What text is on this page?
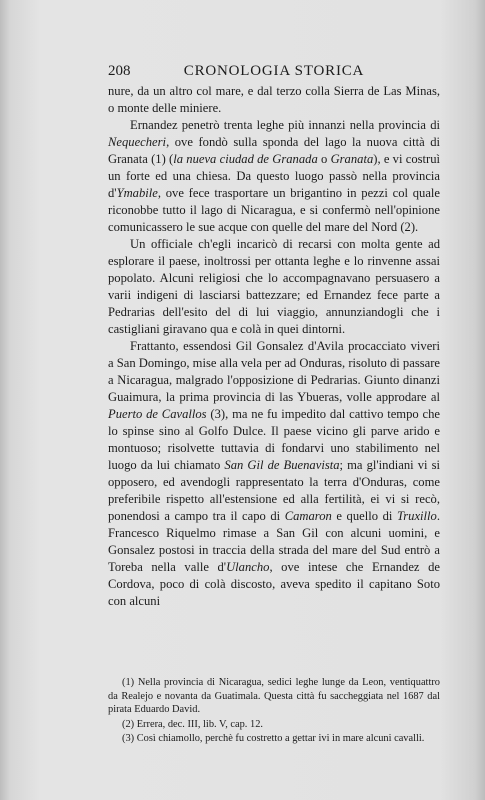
208	CRONOLOGIA STORICA

nure, da un altro col mare, e dal terzo colla Sierra de Las Minas, o monte delle miniere.

Ernandez penetrò trenta leghe più innanzi nella provincia di Nequecheri, ove fondò sulla sponda del lago la nuova città di Granata (1) (la nueva ciudad de Granada o Granata), e vi costruì un forte ed una chiesa. Da questo luogo passò nella provincia d'Ymabile, ove fece trasportare un brigantino in pezzi col quale riconobbe tutto il lago di Nicaragua, e si confermò nell'opinione comunicassero le sue acque con quelle del mare del Nord (2).

Un officiale ch'egli incaricò di recarsi con molta gente ad esplorare il paese, inoltrossi per ottanta leghe e lo rinvenne assai popolato. Alcuni religiosi che lo accompagnavano persuasero a varii indigeni di lasciarsi battezzare; ed Ernandez fece parte a Pedrarias dell'esito del di lui viaggio, annunziandogli che i castigliani giravano qua e colà in quei dintorni.

Frattanto, essendosi Gil Gonsalez d'Avila procacciato viveri a San Domingo, mise alla vela per ad Onduras, risoluto di passare a Nicaragua, malgrado l'opposizione di Pedrarias. Giunto dinanzi Guaimura, la prima provincia di las Ybueras, volle approdare al Puerto de Cavallos (3), ma ne fu impedito dal cattivo tempo che lo spinse sino al Golfo Dulce. Il paese vicino gli parve arido e montuoso; risolvette tuttavia di fondarvi uno stabilimento nel luogo da lui chiamato San Gil de Buenavista; ma gl'indiani vi si opposero, ed avendogli rappresentato la terra d'Onduras, come preferibile rispetto all'estensione ed alla fertilità, ei vi si recò, ponendosi a campo tra il capo di Camaron e quello di Truxillo. Francesco Riquelmo rimase a San Gil con alcuni uomini, e Gonsalez postosi in traccia della strada del mare del Sud entrò a Toreba nella valle d'Ulancho, ove intese che Ernandez de Cordova, poco di colà discosto, aveva spedito il capitano Soto con alcuni

(1) Nella provincia di Nicaragua, sedici leghe lunge da Leon, ventiquattro da Realejo e novanta da Guatimala. Questa città fu saccheggiata nel 1687 dal pirata Eduardo David.

(2) Errera, dec. III, lib. V, cap. 12.

(3) Così chiamollo, perchè fu costretto a gettar ivi in mare alcuni cavalli.
